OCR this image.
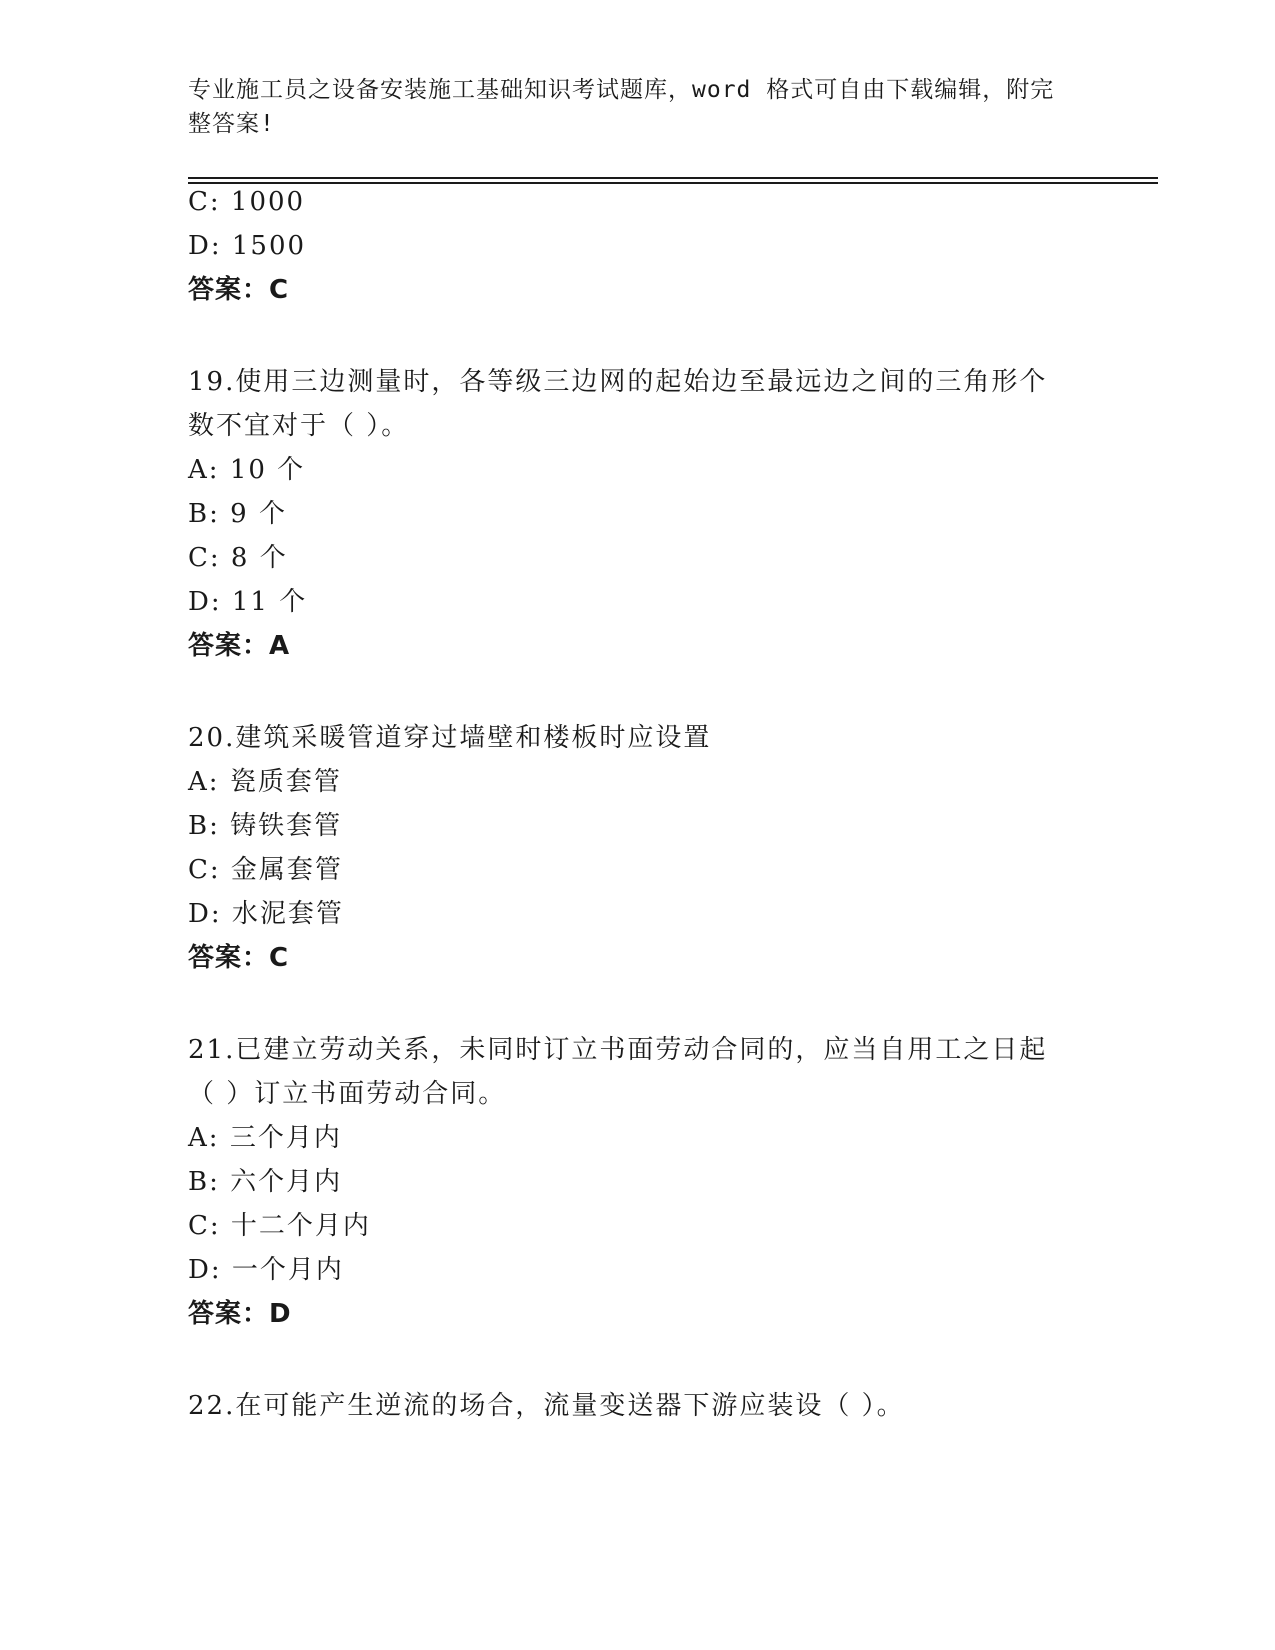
专业施工员之设备安装施工基础知识考试题库，word 格式可自由下载编辑，附完
整答案!
C: 1000
D: 1500
答案：C
19.使用三边测量时，各等级三边网的起始边至最远边之间的三角形个
数不宜对于（ ）。
A: 10 个
B: 9 个
C: 8 个
D: 11 个
答案：A
20.建筑采暖管道穿过墙壁和楼板时应设置
A: 瓷质套管
B: 铸铁套管
C: 金属套管
D: 水泥套管
答案：C
21.已建立劳动关系，未同时订立书面劳动合同的，应当自用工之日起
（ ）订立书面劳动合同。
A: 三个月内
B: 六个月内
C: 十二个月内
D: 一个月内
答案：D
22.在可能产生逆流的场合，流量变送器下游应装设（ ）。
